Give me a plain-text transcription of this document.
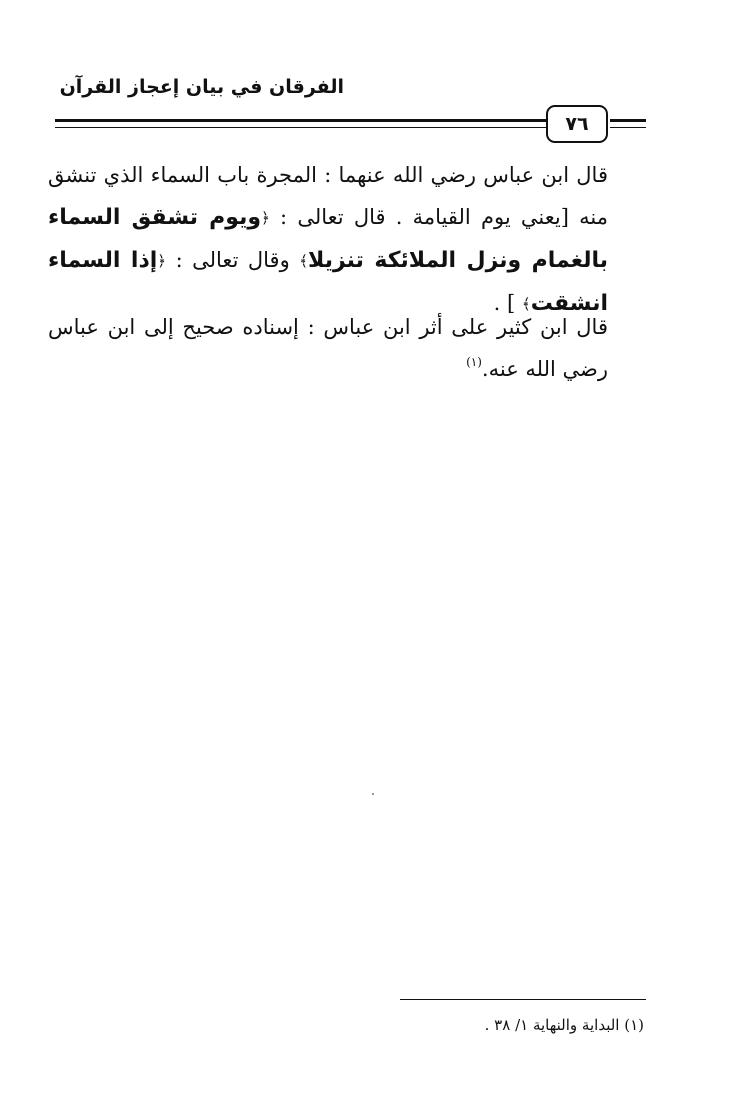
الفرقان في بيان إعجاز القرآن
٧٦
قال ابن عباس رضي الله عنهما : المجرة باب السماء الذي تنشق منه [يعني يوم القيامة . قال تعالى : ﴿ويوم تشقق السماء بالغمام ونزل الملائكة تنزيلا﴾ وقال تعالى : ﴿إذا السماء انشقت﴾ ] .
قال ابن كثير على أثر ابن عباس : إسناده صحيح إلى ابن عباس رضي الله عنه.$^{(١)}$
(١) البداية والنهاية ١/ ٣٨ .
